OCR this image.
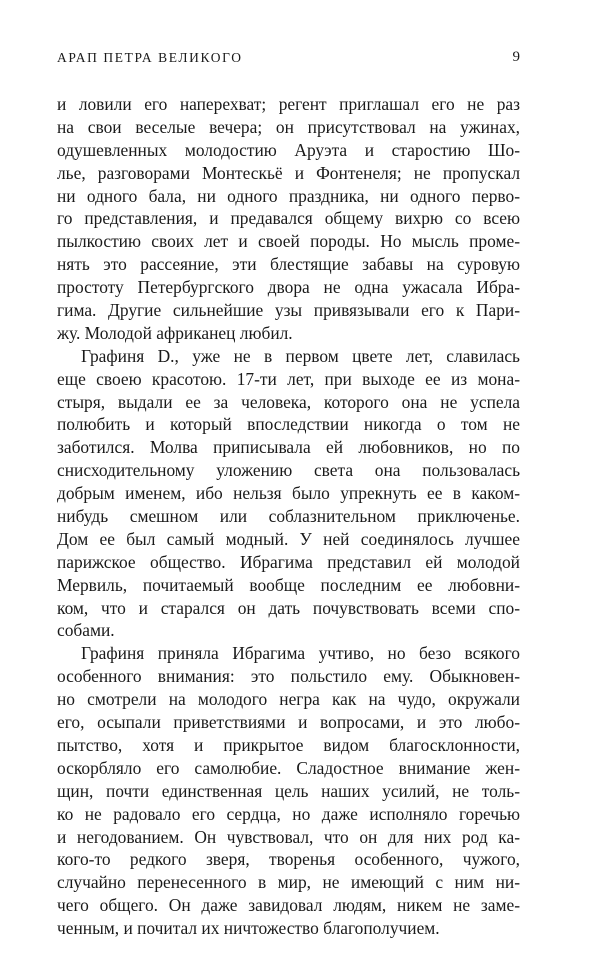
АРАП ПЕТРА ВЕЛИКОГО	9
и ловили его наперехват; регент приглашал его не раз
на свои веселые вечера; он присутствовал на ужинах,
одушевленных молодостию Аруэта и старостию Шо-
лье, разговорами Монтескьё и Фонтенеля; не пропускал
ни одного бала, ни одного праздника, ни одного перво-
го представления, и предавался общему вихрю со всею
пылкостию своих лет и своей породы. Но мысль проме-
нять это рассеяние, эти блестящие забавы на суровую
простоту Петербургского двора не одна ужасала Ибра-
гима. Другие сильнейшие узы привязывали его к Пари-
жу. Молодой африканец любил.
Графиня D., уже не в первом цвете лет, славилась
еще своею красотою. 17-ти лет, при выходе ее из мона-
стыря, выдали ее за человека, которого она не успела
полюбить и который впоследствии никогда о том не
заботился. Молва приписывала ей любовников, но по
снисходительному уложению света она пользовалась
добрым именем, ибо нельзя было упрекнуть ее в каком-
нибудь смешном или соблазнительном приключенье.
Дом ее был самый модный. У ней соединялось лучшее
парижское общество. Ибрагима представил ей молодой
Мервиль, почитаемый вообще последним ее любовни-
ком, что и старался он дать почувствовать всеми спо-
собами.
Графиня приняла Ибрагима учтиво, но безо всякого
особенного внимания: это польстило ему. Обыкновен-
но смотрели на молодого негра как на чудо, окружали
его, осыпали приветствиями и вопросами, и это любо-
пытство, хотя и прикрытое видом благосклонности,
оскорбляло его самолюбие. Сладостное внимание жен-
щин, почти единственная цель наших усилий, не толь-
ко не радовало его сердца, но даже исполняло горечью
и негодованием. Он чувствовал, что он для них род ка-
кого-то редкого зверя, творенья особенного, чужого,
случайно перенесенного в мир, не имеющий с ним ни-
чего общего. Он даже завидовал людям, никем не заме-
ченным, и почитал их ничтожество благополучием.
